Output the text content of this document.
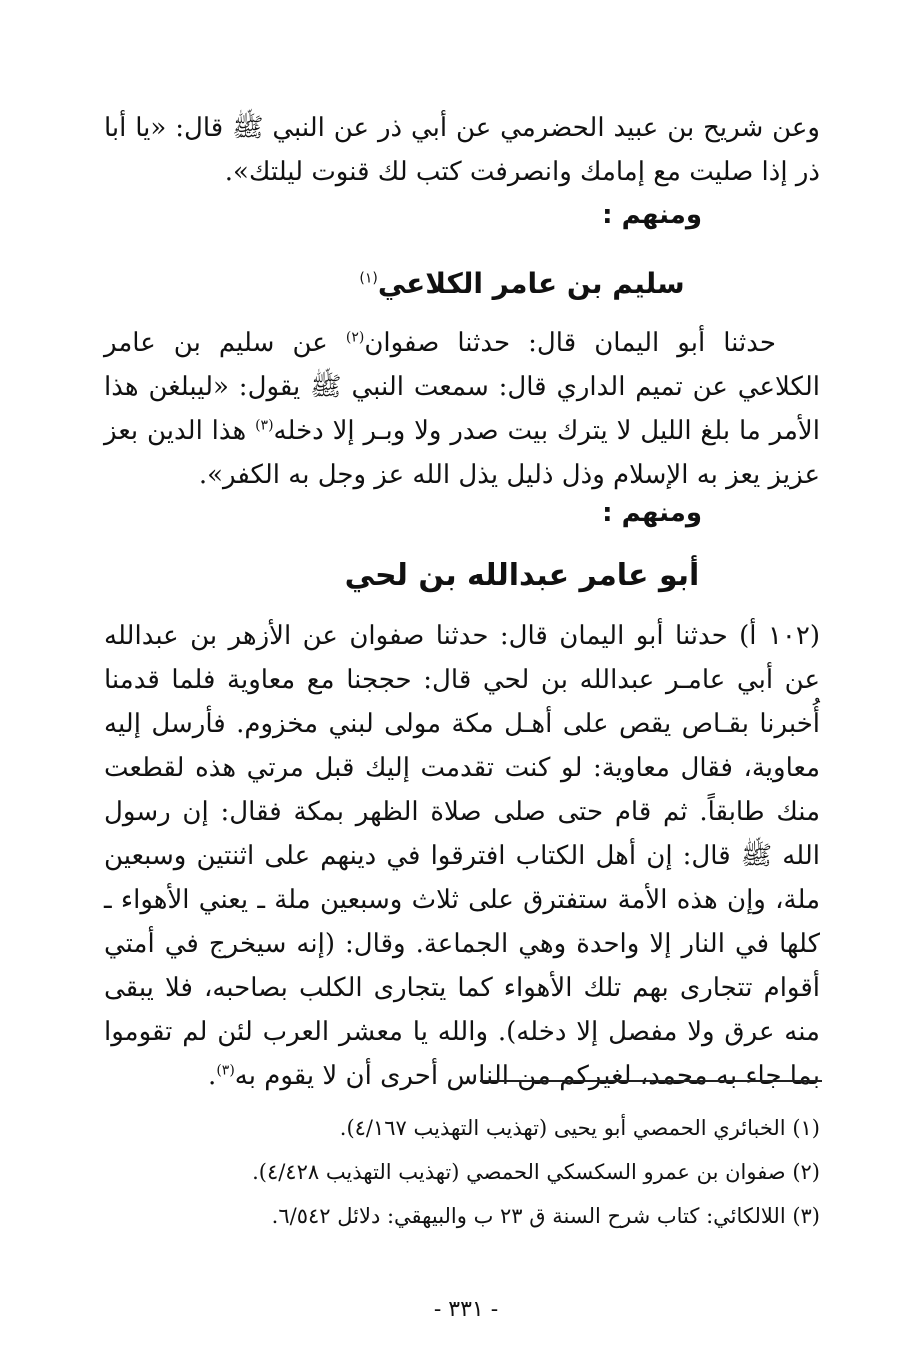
وعن شريح بن عبيد الحضرمي عن أبي ذر عن النبي ﷺ قال: «يا أبا ذر إذا صليت مع إمامك وانصرفت كتب لك قنوت ليلتك».

ومنهم :
سليم بن عامر الكلاعي$^{(١)}$

حدثنا أبو اليمان قال: حدثنا صفوان$^{(٢)}$ عن سليم بن عامر الكلاعي عن تميم الداري قال: سمعت النبي ﷺ يقول: «ليبلغن هذا الأمر ما بلغ الليل لا يترك بيت صدر ولا وبـر إلا دخله$^{(٣)}$ هذا الدين بعز عزيز يعز به الإسلام وذل ذليل يذل الله عز وجل به الكفر».

ومنهم :
أبو عامر عبدالله بن لحي

(١٠٢ أ) حدثنا أبو اليمان قال: حدثنا صفوان عن الأزهر بن عبدالله عن أبي عامـر عبدالله بن لحي قال: حججنا مع معاوية فلما قدمنا أُخبرنا بقـاص يقص على أهـل مكة مولى لبني مخزوم. فأرسل إليه معاوية، فقال معاوية: لو كنت تقدمت إليك قبل مرتي هذه لقطعت منك طابقاً. ثم قام حتى صلى صلاة الظهر بمكة فقال: إن رسول الله ﷺ قال: إن أهل الكتاب افترقوا في دينهم على اثنتين وسبعين ملة، وإن هذه الأمة ستفترق على ثلاث وسبعين ملة ـ يعني الأهواء ـ كلها في النار إلا واحدة وهي الجماعة. وقال: (إنه سيخرج في أمتي أقوام تتجارى بهم تلك الأهواء كما يتجارى الكلب بصاحبه، فلا يبقى منه عرق ولا مفصل إلا دخله). والله يا معشر العرب لئن لم تقوموا بما جاء به محمد، لغيركم من الناس أحرى أن لا يقوم به$^{(٣)}$.

(١) الخبائري الحمصي أبو يحيى (تهذيب التهذيب ٤/١٦٧).

(٢) صفوان بن عمرو السكسكي الحمصي (تهذيب التهذيب ٤/٤٢٨).

(٣) اللالكائي: كتاب شرح السنة ق ٢٣ ب والبيهقي: دلائل ٦/٥٤٢.

- ٣٣١ -
